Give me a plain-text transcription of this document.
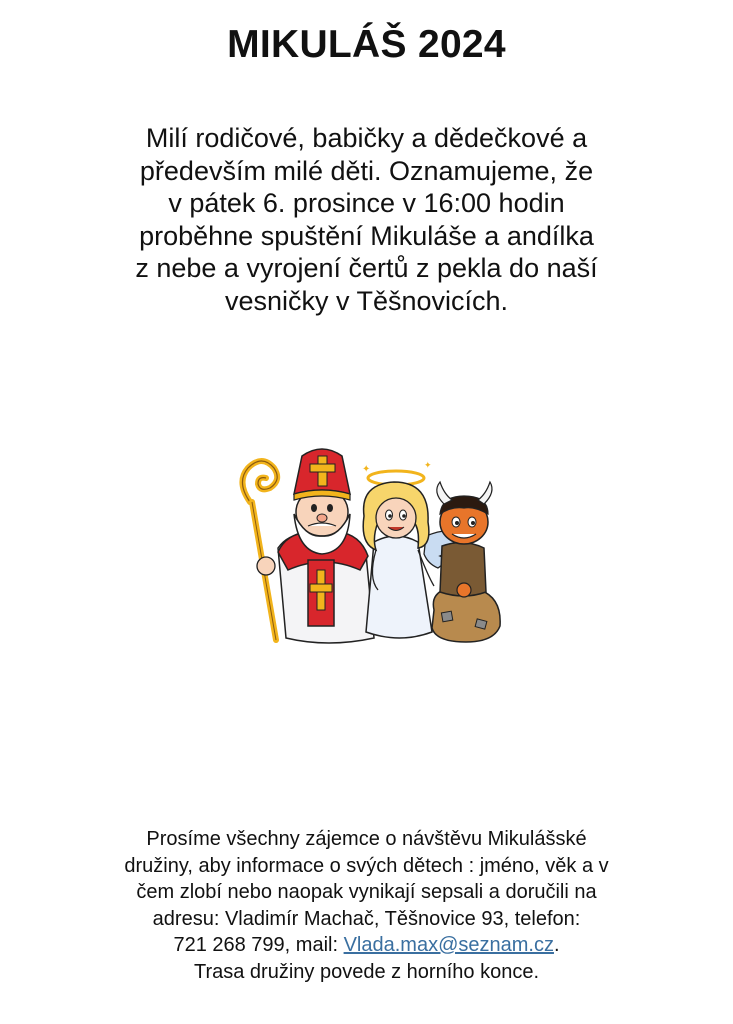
MIKULÁŠ 2024
Milí rodičové, babičky a dědečkové a
především milé děti. Oznamujeme, že
v pátek 6. prosince v 16:00 hodin
proběhne spuštění Mikuláše a andílka
z nebe a vyrojení čertů z pekla do naší
vesničky v Těšnovicích.
✦	✦
Prosíme všechny zájemce o návštěvu Mikulášské
družiny, aby informace o svých dětech : jméno, věk a v
čem zlobí nebo naopak vynikají sepsali a doručili na
adresu: Vladimír Machač, Těšnovice 93, telefon:
721 268 799, mail: Vlada.max@seznam.cz.
Trasa družiny povede z horního konce.
